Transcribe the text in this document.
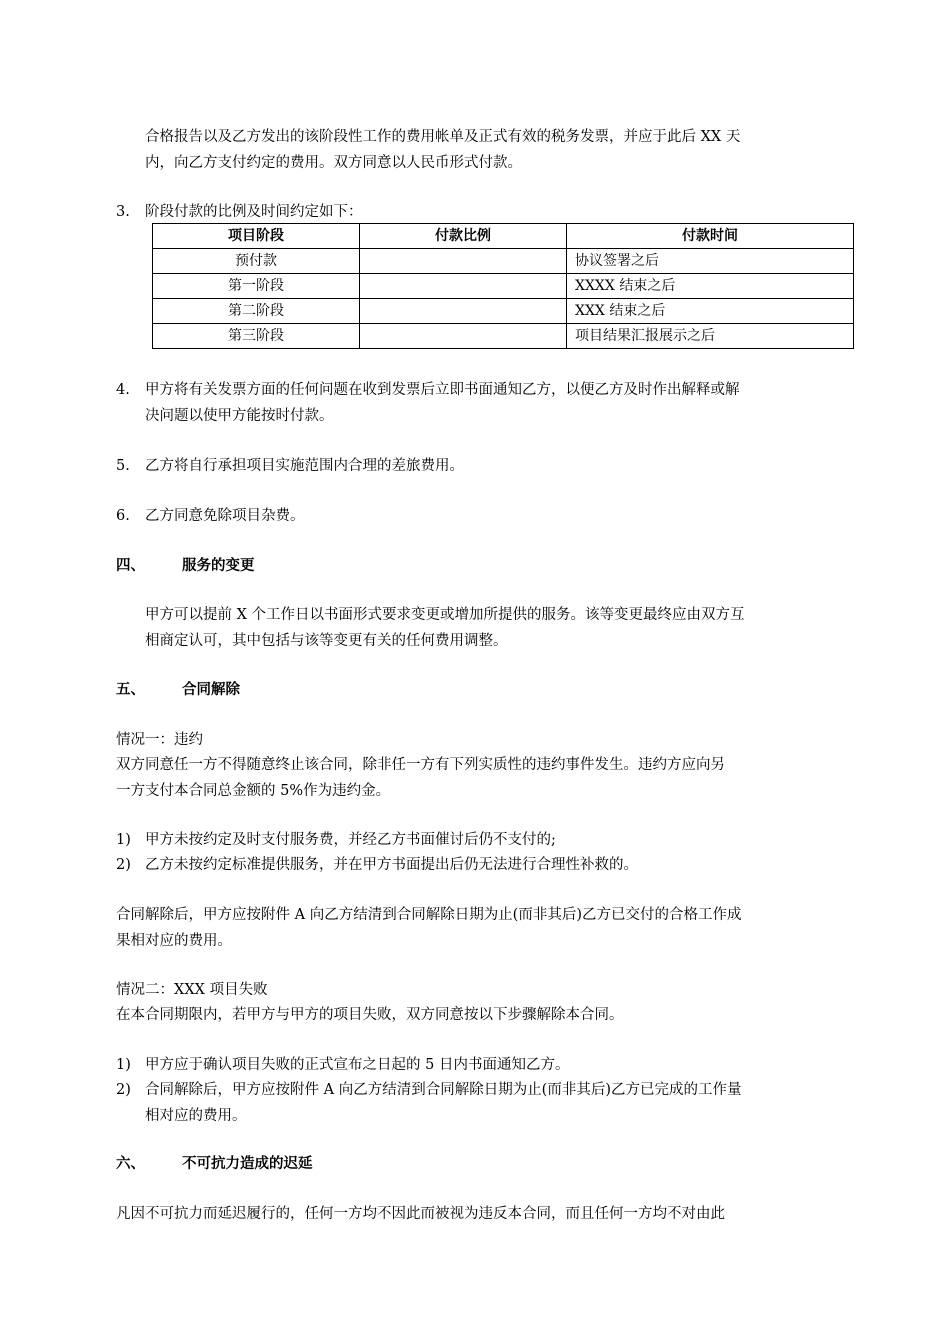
合格报告以及乙方发出的该阶段性工作的费用帐单及正式有效的税务发票，并应于此后 XX 天
内，向乙方支付约定的费用。双方同意以人民币形式付款。
3. 阶段付款的比例及时间约定如下：
项目阶段	付款比例	付款时间
预付款		协议签署之后
第一阶段		XXXX 结束之后
第二阶段		XXX 结束之后
第三阶段		项目结果汇报展示之后
4. 甲方将有关发票方面的任何问题在收到发票后立即书面通知乙方，以便乙方及时作出解释或解
决问题以使甲方能按时付款。
5. 乙方将自行承担项目实施范围内合理的差旅费用。
6. 乙方同意免除项目杂费。
四、	服务的变更
甲方可以提前 X 个工作日以书面形式要求变更或增加所提供的服务。该等变更最终应由双方互
相商定认可，其中包括与该等变更有关的任何费用调整。
五、	合同解除
情况一：违约
双方同意任一方不得随意终止该合同，除非任一方有下列实质性的违约事件发生。违约方应向另
一方支付本合同总金额的 5%作为违约金。
1) 甲方未按约定及时支付服务费，并经乙方书面催讨后仍不支付的;
2) 乙方未按约定标准提供服务，并在甲方书面提出后仍无法进行合理性补救的。
合同解除后，甲方应按附件 A 向乙方结清到合同解除日期为止(而非其后)乙方已交付的合格工作成
果相对应的费用。
情况二：XXX 项目失败
在本合同期限内，若甲方与甲方的项目失败，双方同意按以下步骤解除本合同。
1) 甲方应于确认项目失败的正式宣布之日起的 5 日内书面通知乙方。
2) 合同解除后，甲方应按附件 A 向乙方结清到合同解除日期为止(而非其后)乙方已完成的工作量
相对应的费用。
六、	不可抗力造成的迟延
凡因不可抗力而延迟履行的，任何一方均不因此而被视为违反本合同，而且任何一方均不对由此
